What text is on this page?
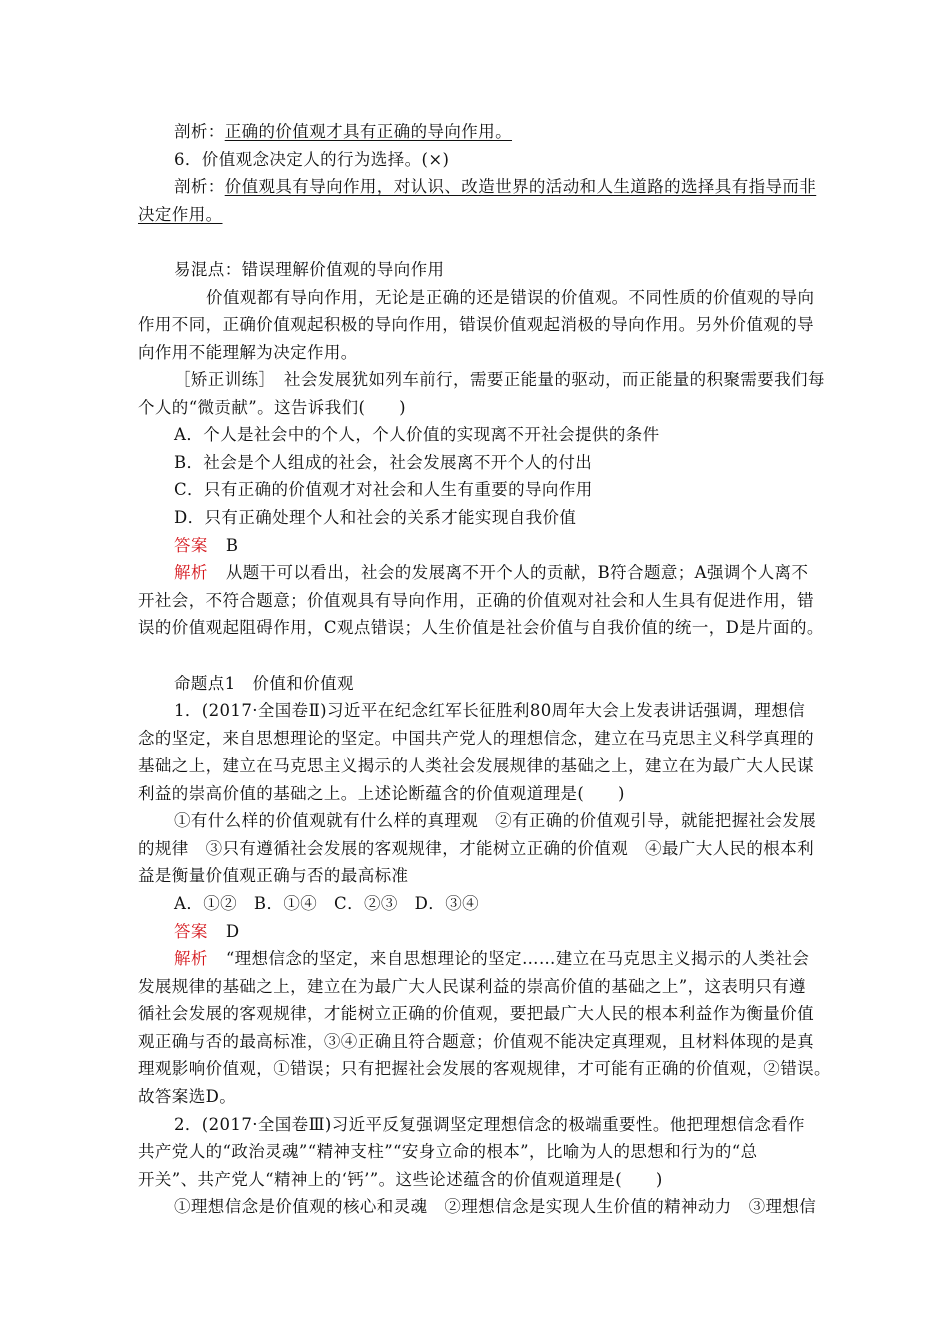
剖析：正确的价值观才具有正确的导向作用。
6．价值观念决定人的行为选择。(×)
剖析：价值观具有导向作用，对认识、改造世界的活动和人生道路的选择具有指导而非
决定作用。
易混点：错误理解价值观的导向作用
价值观都有导向作用，无论是正确的还是错误的价值观。不同性质的价值观的导向
作用不同，正确价值观起积极的导向作用，错误价值观起消极的导向作用。另外价值观的导
向作用不能理解为决定作用。
［矫正训练］　社会发展犹如列车前行，需要正能量的驱动，而正能量的积聚需要我们每
个人的“微贡献”。这告诉我们(　　)
A．个人是社会中的个人，个人价值的实现离不开社会提供的条件
B．社会是个人组成的社会，社会发展离不开个人的付出
C．只有正确的价值观才对社会和人生有重要的导向作用
D．只有正确处理个人和社会的关系才能实现自我价值
答案 B
解析 从题干可以看出，社会的发展离不开个人的贡献，B符合题意；A强调个人离不
开社会，不符合题意；价值观具有导向作用，正确的价值观对社会和人生具有促进作用，错
误的价值观起阻碍作用，C观点错误；人生价值是社会价值与自我价值的统一，D是片面的。
命题点1　价值和价值观
1．(2017·全国卷Ⅱ)习近平在纪念红军长征胜利80周年大会上发表讲话强调，理想信
念的坚定，来自思想理论的坚定。中国共产党人的理想信念，建立在马克思主义科学真理的
基础之上，建立在马克思主义揭示的人类社会发展规律的基础之上，建立在为最广大人民谋
利益的崇高价值的基础之上。上述论断蕴含的价值观道理是(　　)
①有什么样的价值观就有什么样的真理观　②有正确的价值观引导，就能把握社会发展
的规律　③只有遵循社会发展的客观规律，才能树立正确的价值观　④最广大人民的根本利
益是衡量价值观正确与否的最高标准
A．①②　B．①④　C．②③　D．③④
答案 D
解析 “理想信念的坚定，来自思想理论的坚定……建立在马克思主义揭示的人类社会
发展规律的基础之上，建立在为最广大人民谋利益的崇高价值的基础之上”，这表明只有遵
循社会发展的客观规律，才能树立正确的价值观，要把最广大人民的根本利益作为衡量价值
观正确与否的最高标准，③④正确且符合题意；价值观不能决定真理观，且材料体现的是真
理观影响价值观，①错误；只有把握社会发展的客观规律，才可能有正确的价值观，②错误。
故答案选D。
2．(2017·全国卷Ⅲ)习近平反复强调坚定理想信念的极端重要性。他把理想信念看作
共产党人的“政治灵魂”“精神支柱”“安身立命的根本”，比喻为人的思想和行为的“总
开关”、共产党人“精神上的‘钙’”。这些论述蕴含的价值观道理是(　　)
①理想信念是价值观的核心和灵魂　②理想信念是实现人生价值的精神动力　③理想信
